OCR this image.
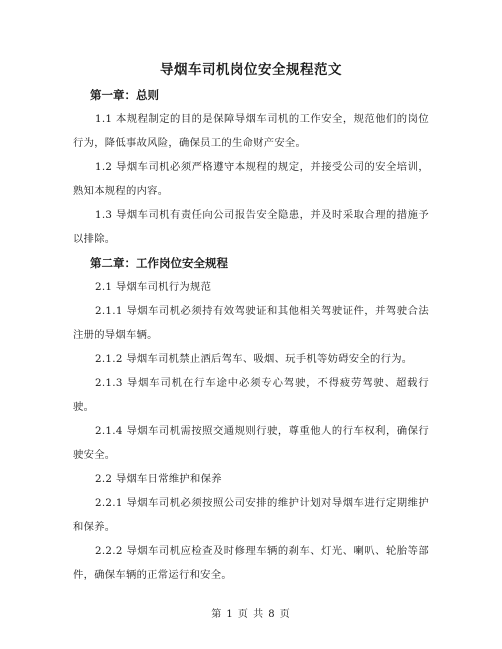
导烟车司机岗位安全规程范文
第一章：总则

1.1 本规程制定的目的是保障导烟车司机的工作安全，规范他们的岗位行为，降低事故风险，确保员工的生命财产安全。

1.2 导烟车司机必须严格遵守本规程的规定，并接受公司的安全培训，熟知本规程的内容。

1.3 导烟车司机有责任向公司报告安全隐患，并及时采取合理的措施予以排除。

第二章：工作岗位安全规程

2.1 导烟车司机行为规范

2.1.1 导烟车司机必须持有效驾驶证和其他相关驾驶证件，并驾驶合法注册的导烟车辆。

2.1.2 导烟车司机禁止酒后驾车、吸烟、玩手机等妨碍安全的行为。

2.1.3 导烟车司机在行车途中必须专心驾驶，不得疲劳驾驶、超载行驶。

2.1.4 导烟车司机需按照交通规则行驶，尊重他人的行车权利，确保行驶安全。

2.2 导烟车日常维护和保养

2.2.1 导烟车司机必须按照公司安排的维护计划对导烟车进行定期维护和保养。

2.2.2 导烟车司机应检查及时修理车辆的刹车、灯光、喇叭、轮胎等部件，确保车辆的正常运行和安全。

第 1 页 共 8 页
